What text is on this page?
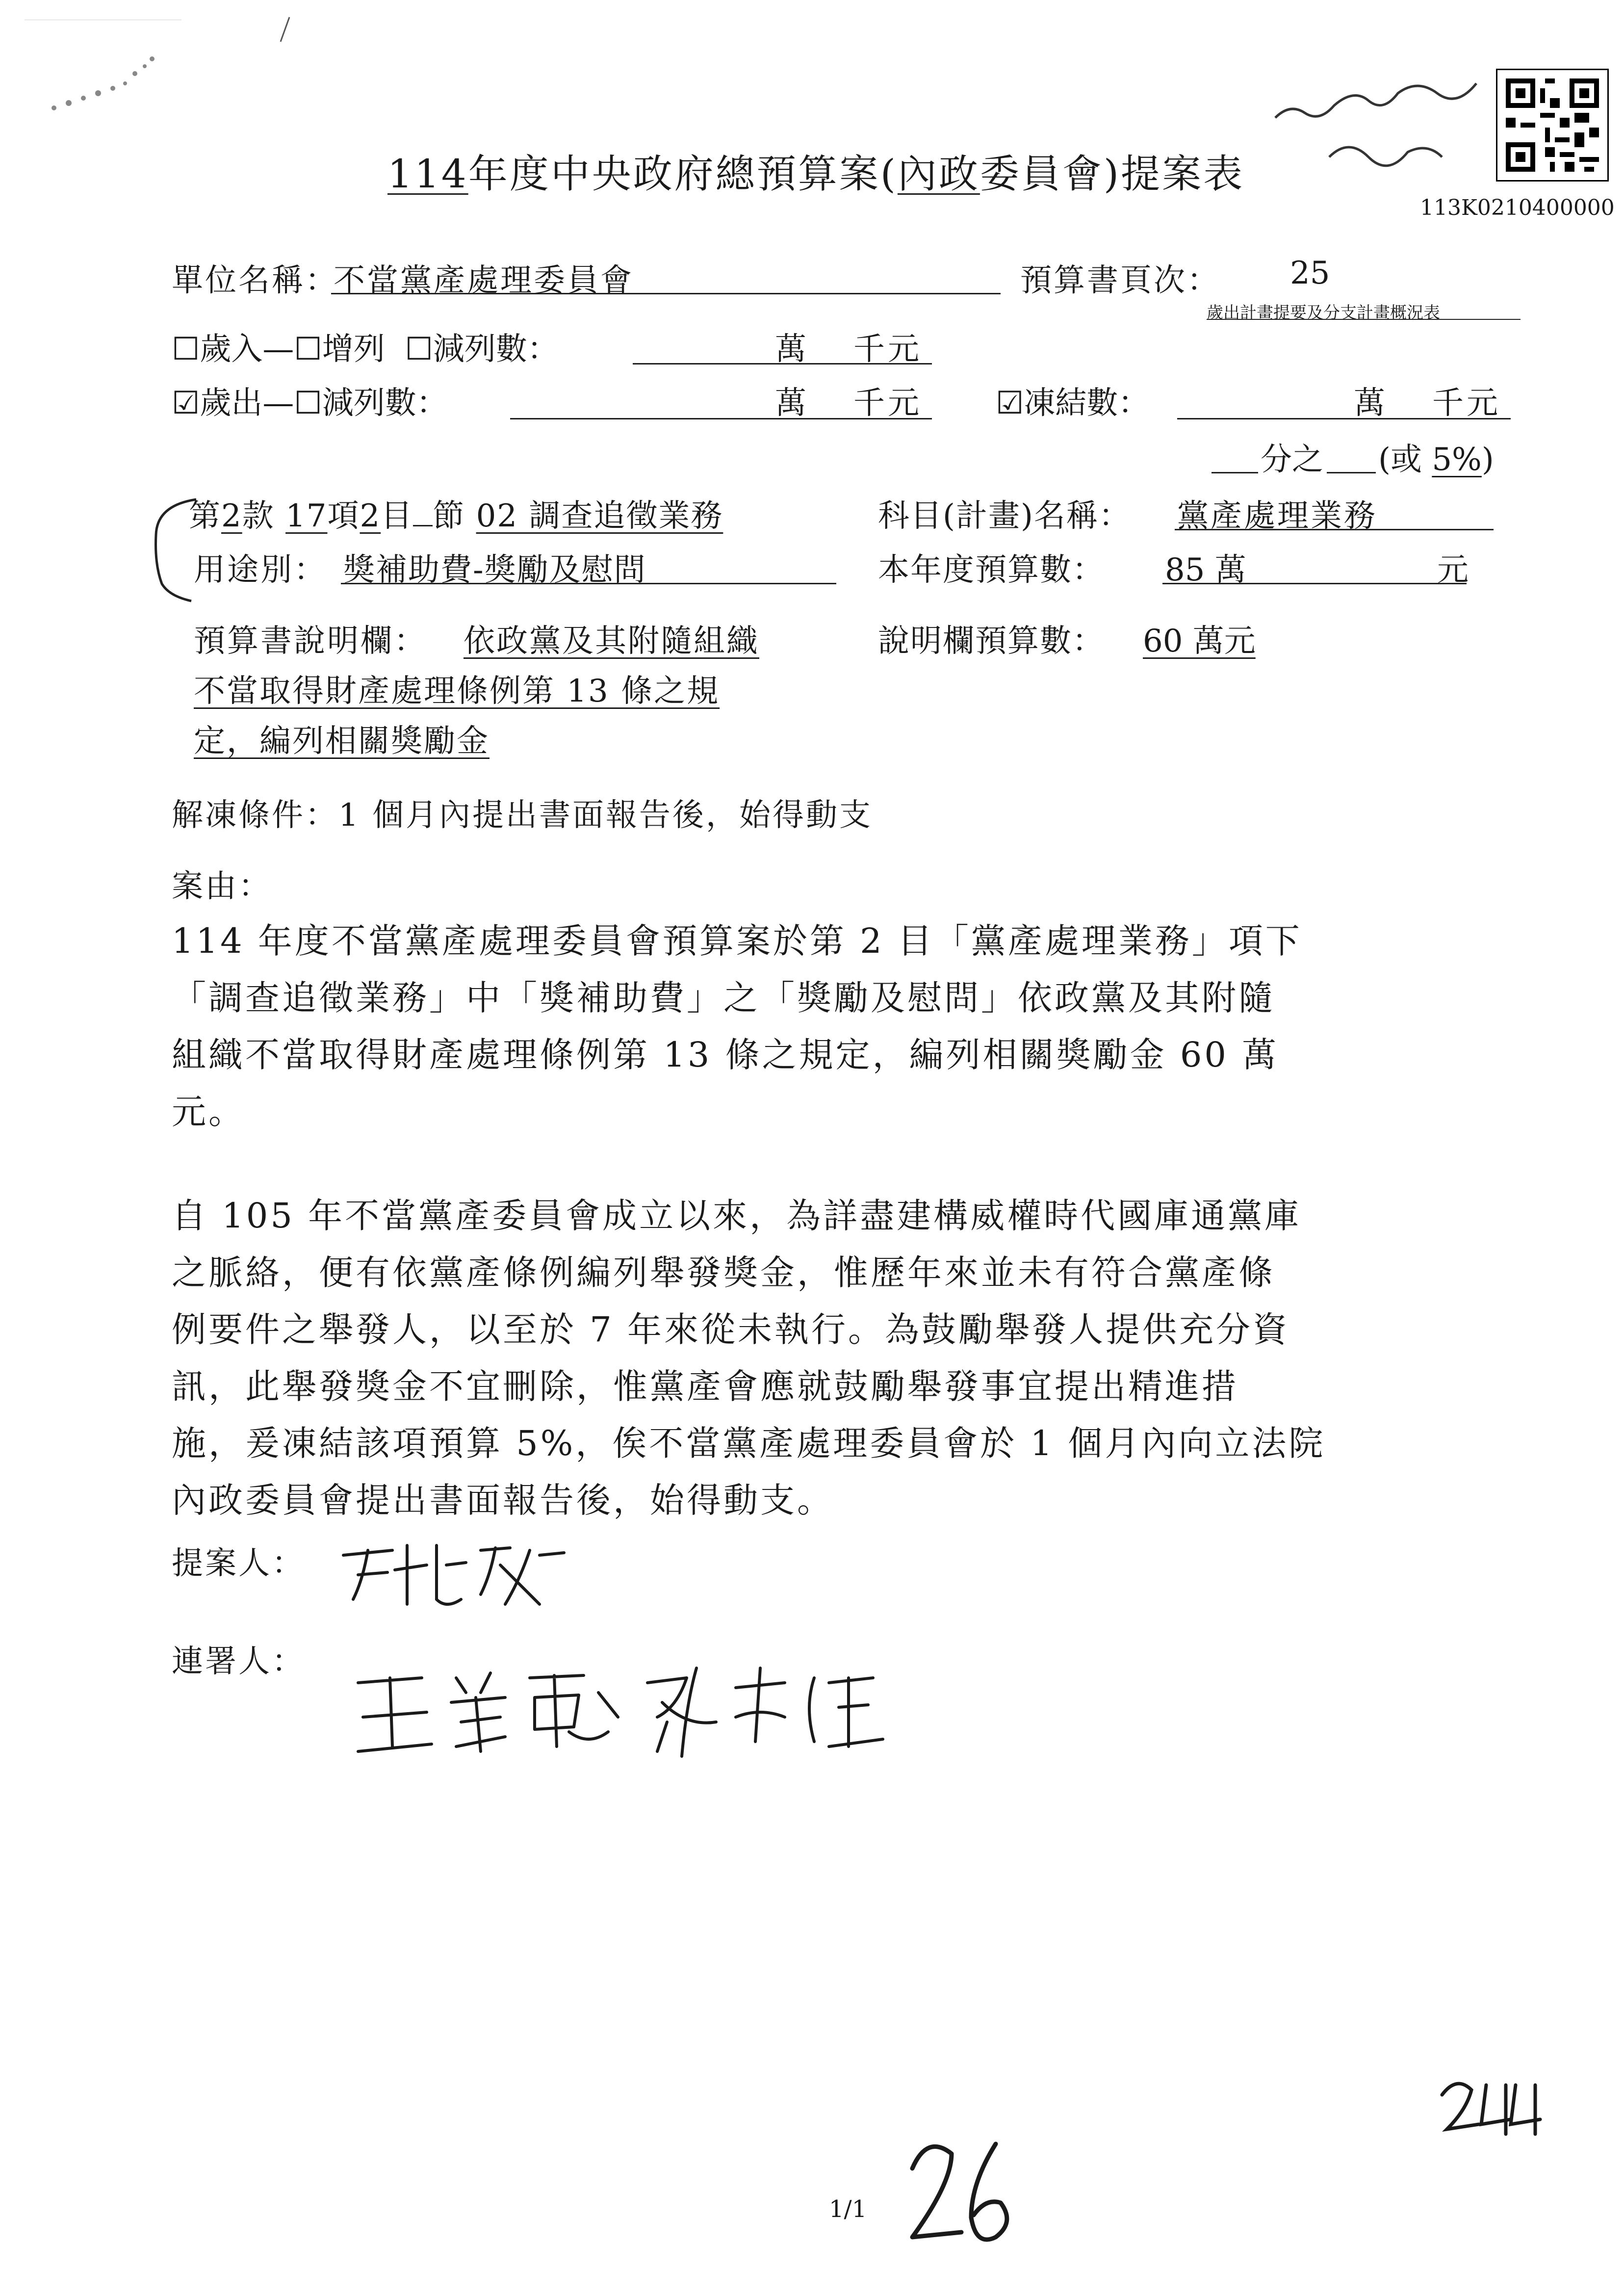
113K0210400000
114年度中央政府總預算案(內政委員會)提案表
單位名稱：
不當黨產處理委員會	預算書頁次： 25
歲出計畫提要及分支計畫概況表
☐歲入—☐增列 ☐減列數：	萬 千元
☑歲出—☐減列數：	萬 千元 ☑凍結數：	萬 千元
分之 (或 5%)
第2款 17項2目 節 02 調查追徵業務	科目(計畫)名稱： 黨產處理業務
用途別： 獎補助費-獎勵及慰問	本年度預算數： 85 萬	元
預算書說明欄： 依政黨及其附隨組織
不當取得財產處理條例第 13 條之規
定，編列相關獎勵金
說明欄預算數： 60 萬元
解凍條件：1 個月內提出書面報告後，始得動支
案由：
114 年度不當黨產處理委員會預算案於第 2 目「黨產處理業務」項下
「調查追徵業務」中「獎補助費」之「獎勵及慰問」依政黨及其附隨
組織不當取得財產處理條例第 13 條之規定，編列相關獎勵金 60 萬
元。
自 105 年不當黨產委員會成立以來，為詳盡建構威權時代國庫通黨庫
之脈絡，便有依黨產條例編列舉發獎金，惟歷年來並未有符合黨產條
例要件之舉發人，以至於 7 年來從未執行。為鼓勵舉發人提供充分資
訊，此舉發獎金不宜刪除，惟黨產會應就鼓勵舉發事宜提出精進措
施，爰凍結該項預算 5%，俟不當黨產處理委員會於 1 個月內向立法院
內政委員會提出書面報告後，始得動支。
提案人：
連署人：
1/1
